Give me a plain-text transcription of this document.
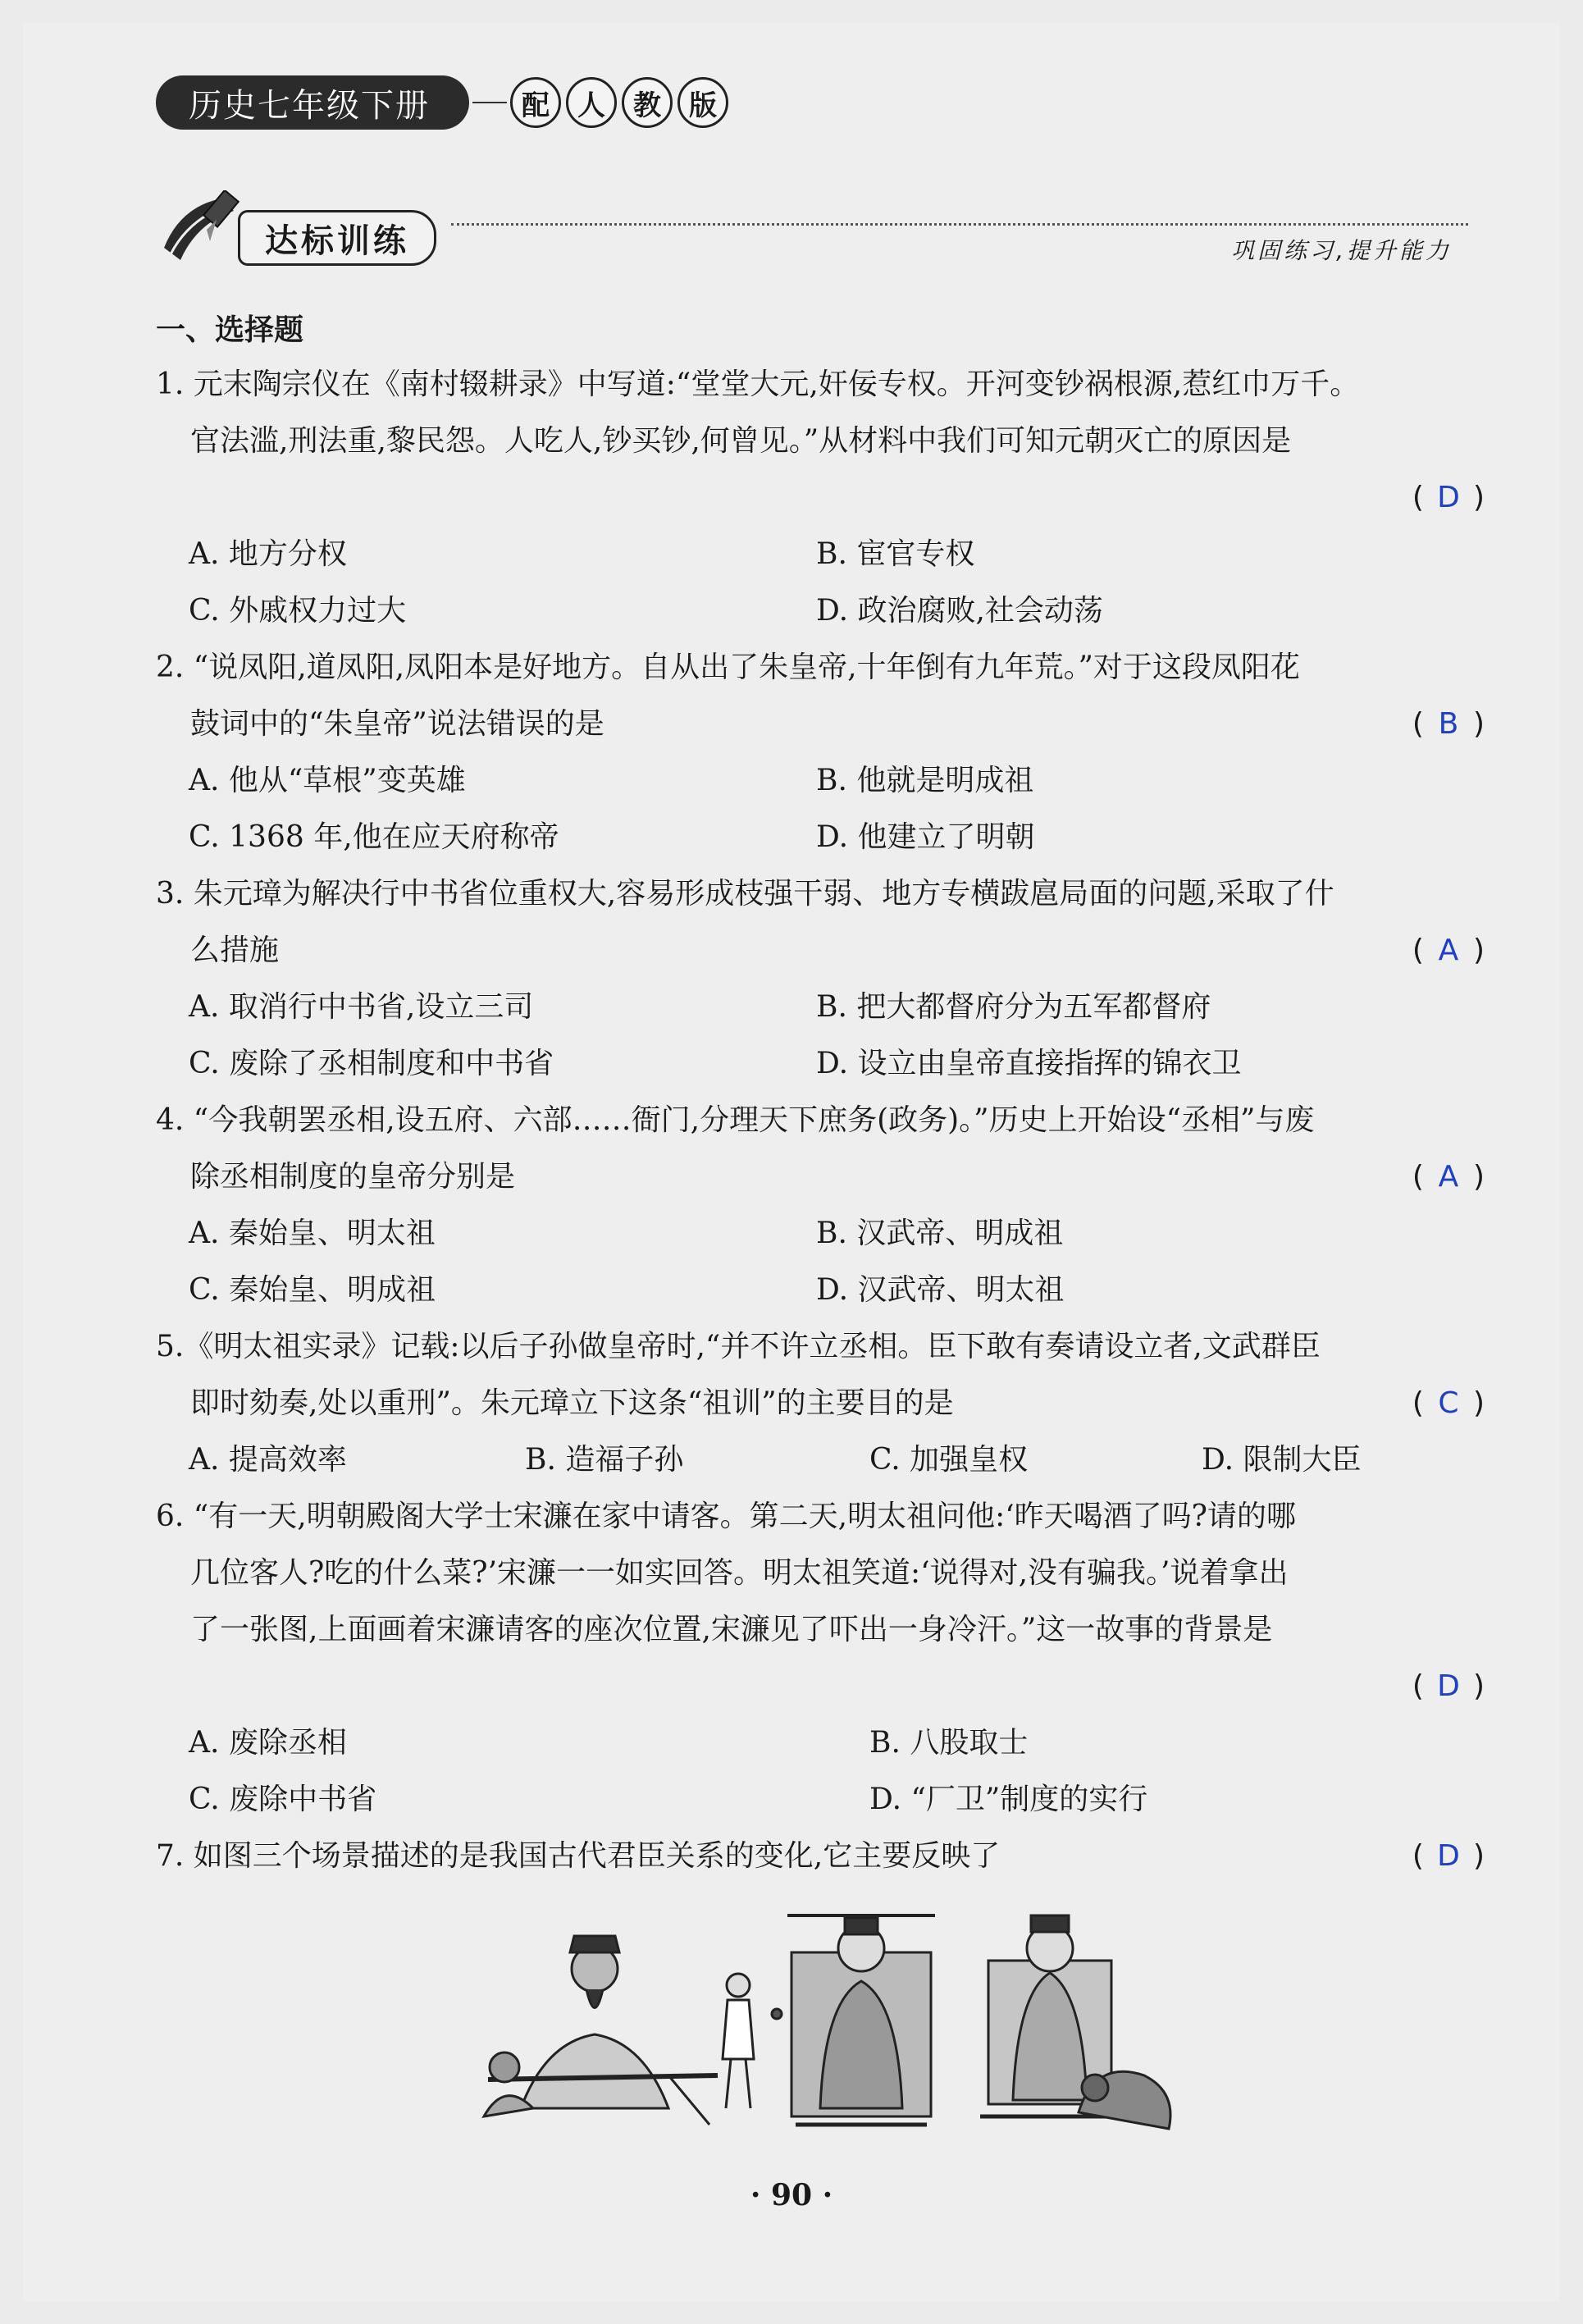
历史七年级下册	配	人	教	版
达标训练	巩固练习,提升能力
一、选择题
1. 元末陶宗仪在《南村辍耕录》中写道:“堂堂大元,奸佞专权。开河变钞祸根源,惹红巾万千。
官法滥,刑法重,黎民怨。人吃人,钞买钞,何曾见。”从材料中我们可知元朝灭亡的原因是
( D )
A. 地方分权	B. 宦官专权
C. 外戚权力过大	D. 政治腐败,社会动荡
2. “说凤阳,道凤阳,凤阳本是好地方。自从出了朱皇帝,十年倒有九年荒。”对于这段凤阳花
鼓词中的“朱皇帝”说法错误的是	( B )
A. 他从“草根”变英雄	B. 他就是明成祖
C. 1368 年,他在应天府称帝	D. 他建立了明朝
3. 朱元璋为解决行中书省位重权大,容易形成枝强干弱、地方专横跋扈局面的问题,采取了什
么措施	( A )
A. 取消行中书省,设立三司	B. 把大都督府分为五军都督府
C. 废除了丞相制度和中书省	D. 设立由皇帝直接指挥的锦衣卫
4. “今我朝罢丞相,设五府、六部……衙门,分理天下庶务(政务)。”历史上开始设“丞相”与废
除丞相制度的皇帝分别是	( A )
A. 秦始皇、明太祖	B. 汉武帝、明成祖
C. 秦始皇、明成祖	D. 汉武帝、明太祖
5.《明太祖实录》记载:以后子孙做皇帝时,“并不许立丞相。臣下敢有奏请设立者,文武群臣
即时劾奏,处以重刑”。朱元璋立下这条“祖训”的主要目的是	( C )
A. 提高效率	B. 造福子孙	C. 加强皇权	D. 限制大臣
6. “有一天,明朝殿阁大学士宋濂在家中请客。第二天,明太祖问他:‘昨天喝酒了吗?请的哪
几位客人?吃的什么菜?’宋濂一一如实回答。明太祖笑道:‘说得对,没有骗我。’说着拿出
了一张图,上面画着宋濂请客的座次位置,宋濂见了吓出一身冷汗。”这一故事的背景是
( D )
A. 废除丞相	B. 八股取士
C. 废除中书省	D. “厂卫”制度的实行
7. 如图三个场景描述的是我国古代君臣关系的变化,它主要反映了	( D )
· 90 ·
